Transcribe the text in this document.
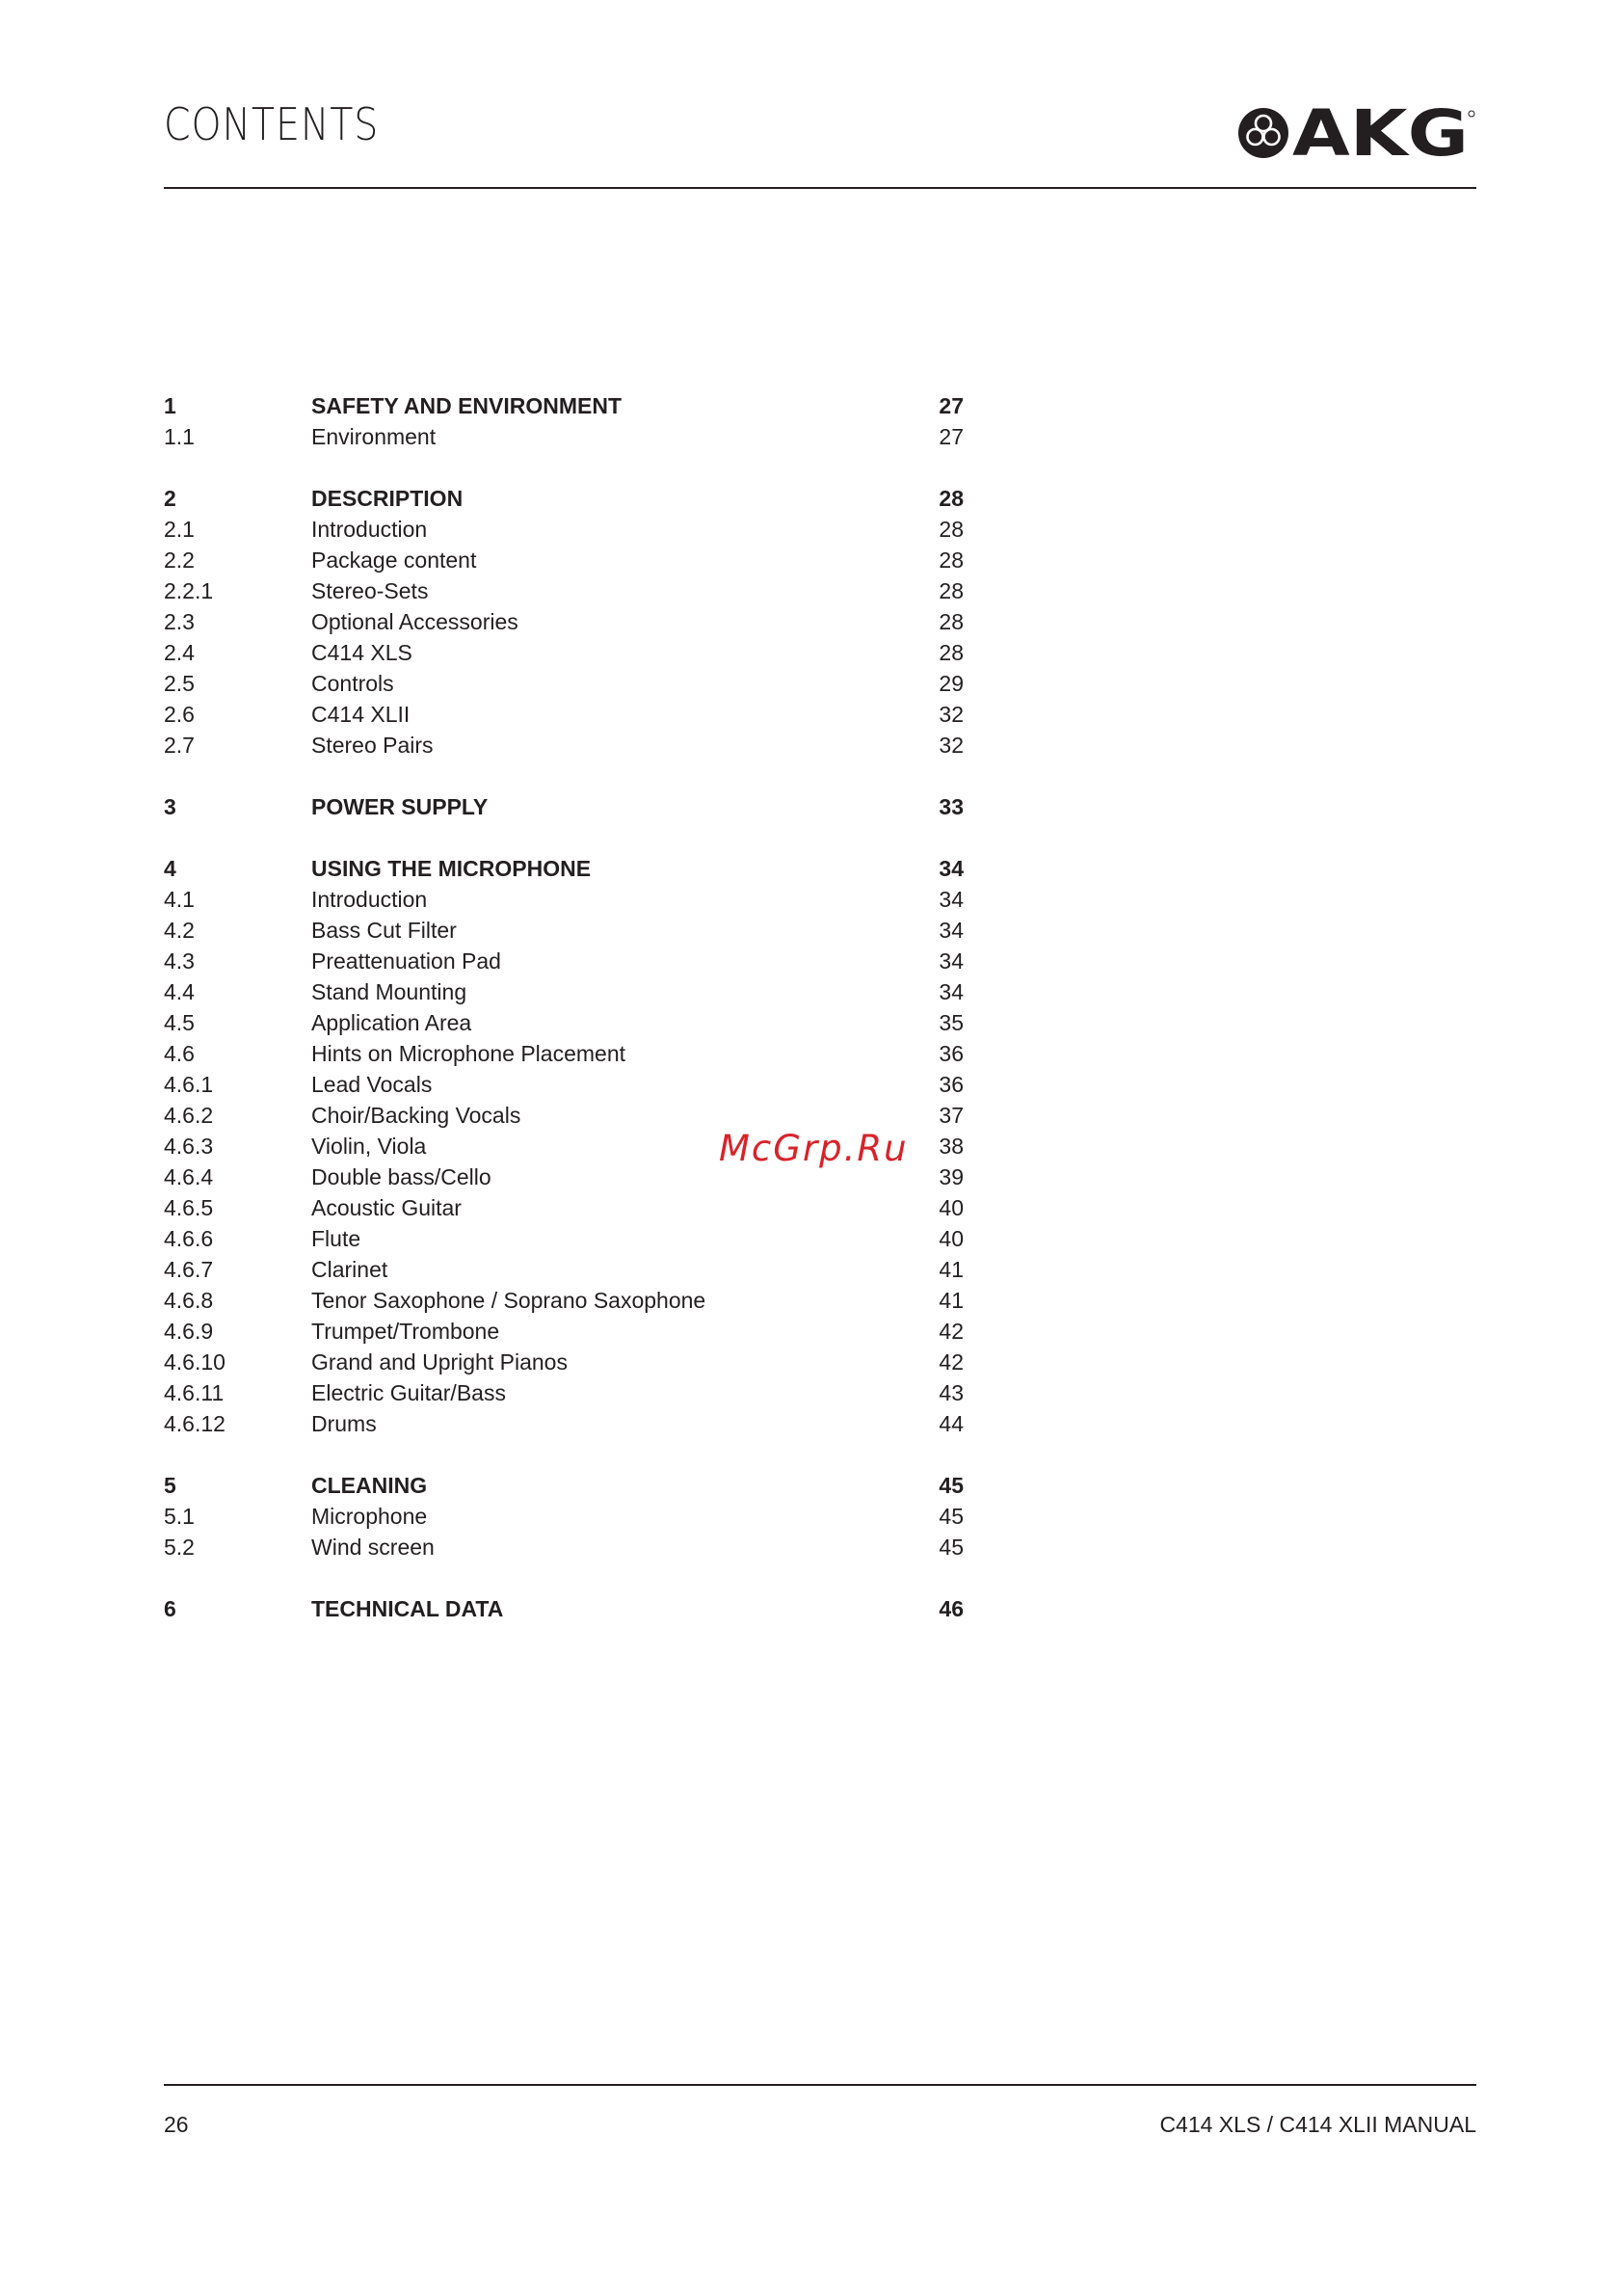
CONTENTS	AKG
1	SAFETY AND ENVIRONMENT	27
1.1	Environment	27
2	DESCRIPTION	28
2.1	Introduction	28
2.2	Package content	28
2.2.1	Stereo-Sets	28
2.3	Optional Accessories	28
2.4	C414 XLS	28
2.5	Controls	29
2.6	C414 XLII	32
2.7	Stereo Pairs	32
3	POWER SUPPLY	33
4	USING THE MICROPHONE	34
4.1	Introduction	34
4.2	Bass Cut Filter	34
4.3	Preattenuation Pad	34
4.4	Stand Mounting	34
4.5	Application Area	35
4.6	Hints on Microphone Placement	36
4.6.1	Lead Vocals	36
4.6.2	Choir/Backing Vocals	37
4.6.3	Violin, Viola	38
4.6.4	Double bass/Cello	39
4.6.5	Acoustic Guitar	40
4.6.6	Flute	40
4.6.7	Clarinet	41
4.6.8	Tenor Saxophone / Soprano Saxophone	41
4.6.9	Trumpet/Trombone	42
4.6.10	Grand and Upright Pianos	42
4.6.11	Electric Guitar/Bass	43
4.6.12	Drums	44
5	CLEANING	45
5.1	Microphone	45
5.2	Wind screen	45
6	TECHNICAL DATA	46
McGrp.Ru
26	C414 XLS / C414 XLII MANUAL
